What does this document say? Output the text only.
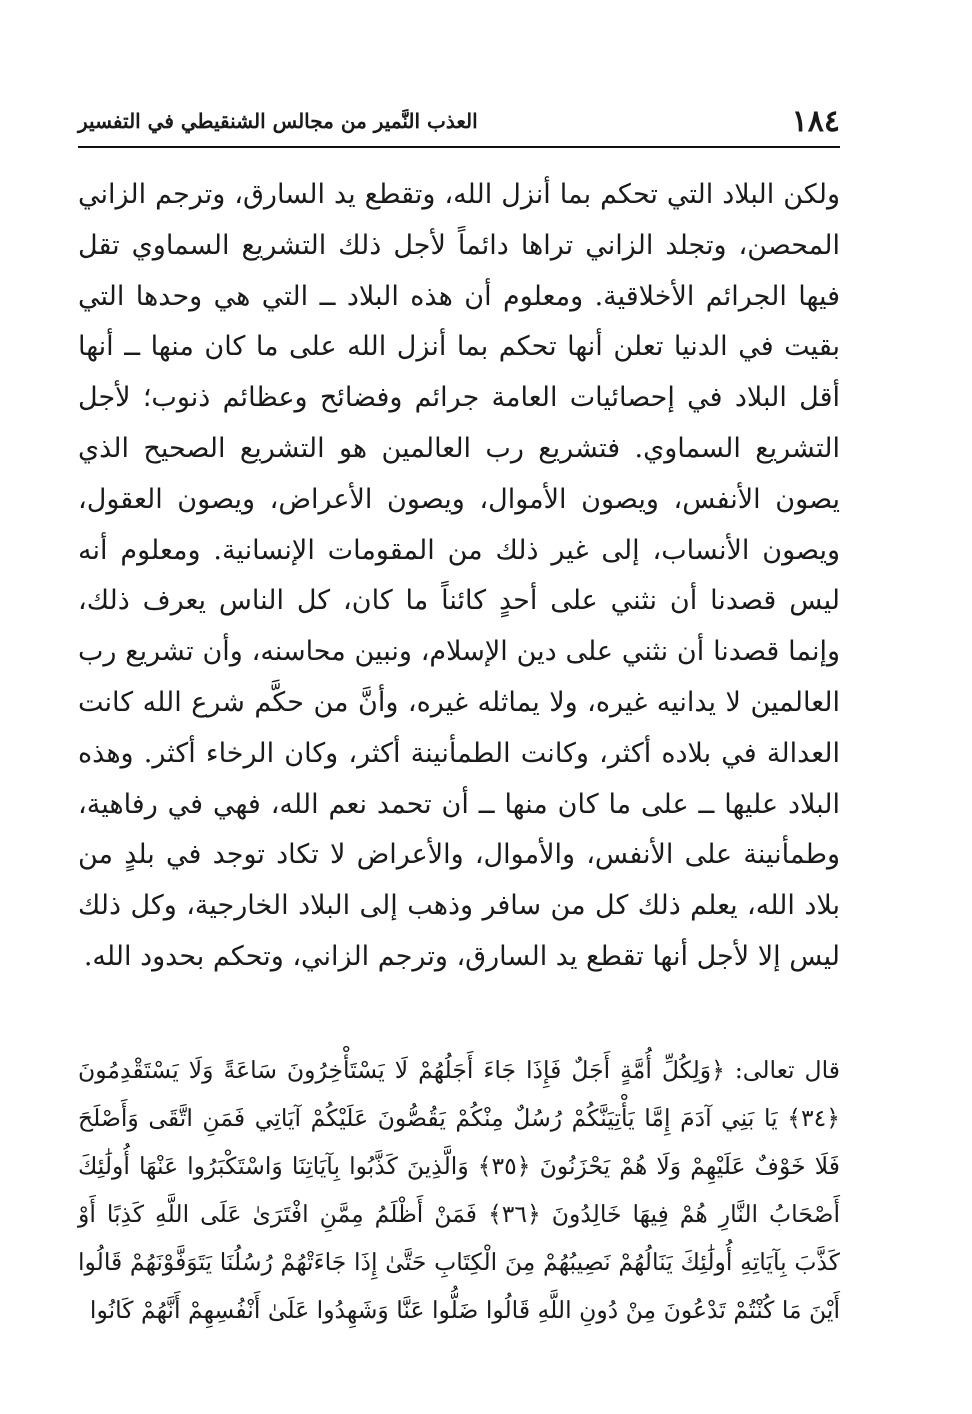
١٨٤
العذب النَّمير من مجالس الشنقيطي في التفسير

ولكن البلاد التي تحكم بما أنزل الله، وتقطع يد السارق، وترجم الزاني المحصن، وتجلد الزاني تراها دائماً لأجل ذلك التشريع السماوي تقل فيها الجرائم الأخلاقية. ومعلوم أن هذه البلاد ــ التي هي وحدها التي بقيت في الدنيا تعلن أنها تحكم بما أنزل الله على ما كان منها ــ أنها أقل البلاد في إحصائيات العامة جرائم وفضائح وعظائم ذنوب؛ لأجل التشريع السماوي. فتشريع رب العالمين هو التشريع الصحيح الذي يصون الأنفس، ويصون الأموال، ويصون الأعراض، ويصون العقول، ويصون الأنساب، إلى غير ذلك من المقومات الإنسانية. ومعلوم أنه ليس قصدنا أن نثني على أحدٍ كائناً ما كان، كل الناس يعرف ذلك، وإنما قصدنا أن نثني على دين الإسلام، ونبين محاسنه، وأن تشريع رب العالمين لا يدانيه غيره، ولا يماثله غيره، وأنَّ من حكَّم شرع الله كانت العدالة في بلاده أكثر، وكانت الطمأنينة أكثر، وكان الرخاء أكثر. وهذه البلاد عليها ــ على ما كان منها ــ أن تحمد نعم الله، فهي في رفاهية، وطمأنينة على الأنفس، والأموال، والأعراض لا تكاد توجد في بلدٍ من بلاد الله، يعلم ذلك كل من سافر وذهب إلى البلاد الخارجية، وكل ذلك ليس إلا لأجل أنها تقطع يد السارق، وترجم الزاني، وتحكم بحدود الله.

قال تعالى: ﴿وَلِكُلِّ أُمَّةٍ أَجَلٌ فَإِذَا جَاءَ أَجَلُهُمْ لَا يَسْتَأْخِرُونَ سَاعَةً وَلَا يَسْتَقْدِمُونَ ﴿٣٤﴾ يَا بَنِي آدَمَ إِمَّا يَأْتِيَنَّكُمْ رُسُلٌ مِنْكُمْ يَقُصُّونَ عَلَيْكُمْ آيَاتِي فَمَنِ اتَّقَى وَأَصْلَحَ فَلَا خَوْفٌ عَلَيْهِمْ وَلَا هُمْ يَحْزَنُونَ ﴿٣٥﴾ وَالَّذِينَ كَذَّبُوا بِآيَاتِنَا وَاسْتَكْبَرُوا عَنْهَا أُولَٰئِكَ أَصْحَابُ النَّارِ هُمْ فِيهَا خَالِدُونَ ﴿٣٦﴾ فَمَنْ أَظْلَمُ مِمَّنِ افْتَرَىٰ عَلَى اللَّهِ كَذِبًا أَوْ كَذَّبَ بِآيَاتِهِ أُولَٰئِكَ يَنَالُهُمْ نَصِيبُهُمْ مِنَ الْكِتَابِ حَتَّىٰ إِذَا جَاءَتْهُمْ رُسُلُنَا يَتَوَفَّوْنَهُمْ قَالُوا أَيْنَ مَا كُنْتُمْ تَدْعُونَ مِنْ دُونِ اللَّهِ قَالُوا ضَلُّوا عَنَّا وَشَهِدُوا عَلَىٰ أَنْفُسِهِمْ أَنَّهُمْ كَانُوا
